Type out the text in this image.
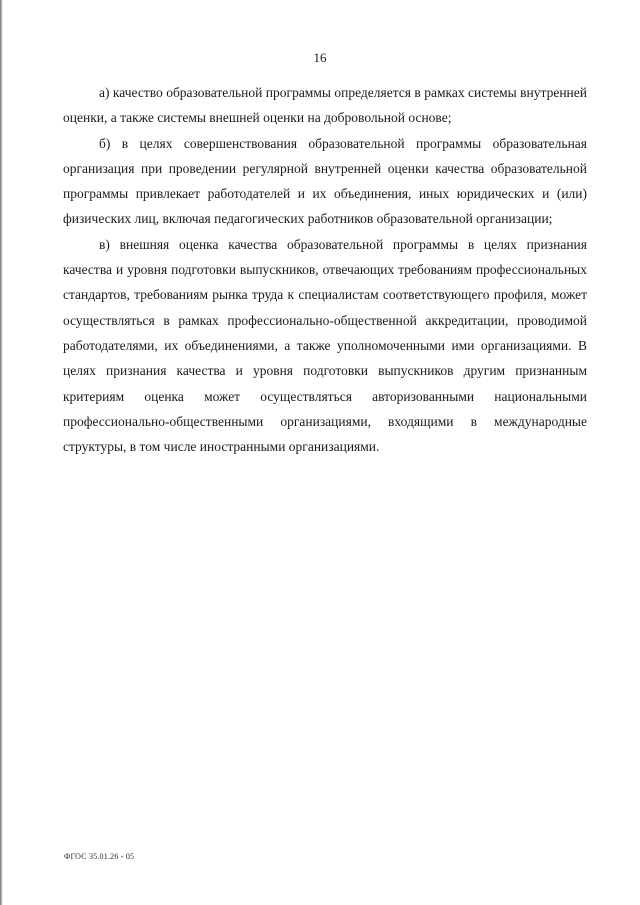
16

а) качество образовательной программы определяется в рамках системы внутренней оценки, а также системы внешней оценки на добровольной основе;

б) в целях совершенствования образовательной программы образовательная организация при проведении регулярной внутренней оценки качества образовательной программы привлекает работодателей и их объединения, иных юридических и (или) физических лиц, включая педагогических работников образовательной организации;

в) внешняя оценка качества образовательной программы в целях признания качества и уровня подготовки выпускников, отвечающих требованиям профессиональных стандартов, требованиям рынка труда к специалистам соответствующего профиля, может осуществляться в рамках профессионально-общественной аккредитации, проводимой работодателями, их объединениями, а также уполномоченными ими организациями. В целях признания качества и уровня подготовки выпускников другим признанным критериям оценка может осуществляться авторизованными национальными профессионально-общественными организациями, входящими в международные структуры, в том числе иностранными организациями.

ФГОС 35.01.26 - 05
